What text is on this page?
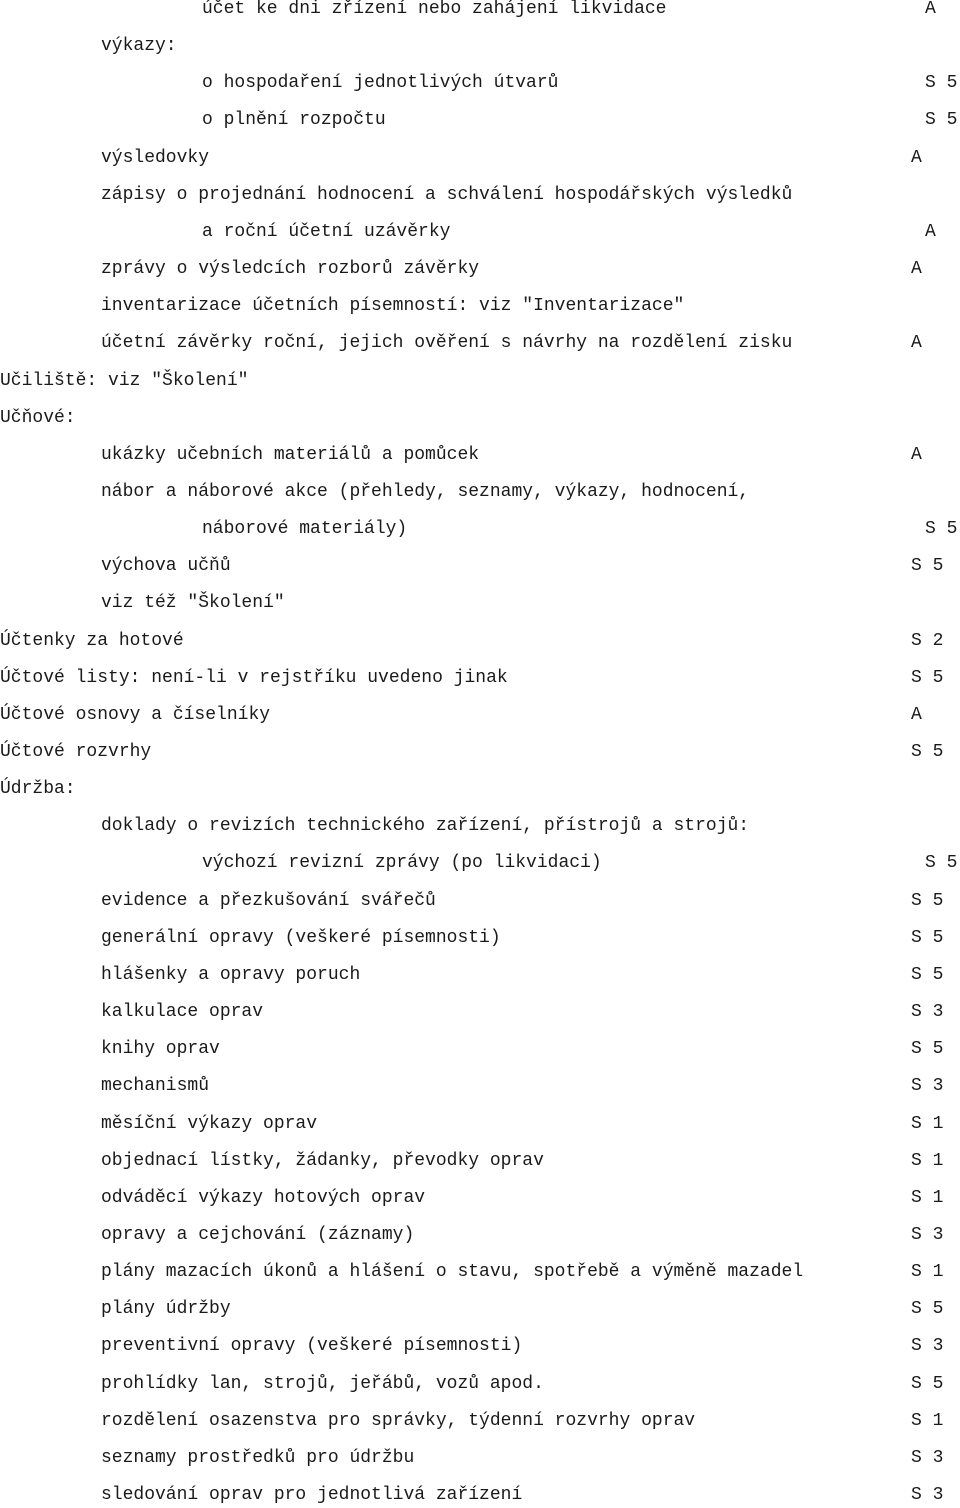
účet ke dni zřízení nebo zahájení likvidace	A
výkazy:
o hospodaření jednotlivých útvarů	S 5
o plnění rozpočtu	S 5
výsledovky	A
zápisy o projednání hodnocení a schválení hospodářských výsledků
a roční účetní uzávěrky	A
zprávy o výsledcích rozborů závěrky	A
inventarizace účetních písemností: viz "Inventarizace"
účetní závěrky roční, jejich ověření s návrhy na rozdělení zisku	A
Učiliště: viz "Školení"
Učňové:
ukázky učebních materiálů a pomůcek	A
nábor a náborové akce (přehledy, seznamy, výkazy, hodnocení,
náborové materiály)	S 5
výchova učňů	S 5
viz též "Školení"
Účtenky za hotové	S 2
Účtové listy: není-li v rejstříku uvedeno jinak	S 5
Účtové osnovy a číselníky	A
Účtové rozvrhy	S 5
Údržba:
doklady o revizích technického zařízení, přístrojů a strojů:
výchozí revizní zprávy (po likvidaci)	S 5
evidence a přezkušování svářečů	S 5
generální opravy (veškeré písemnosti)	S 5
hlášenky a opravy poruch	S 5
kalkulace oprav	S 3
knihy oprav	S 5
mechanismů	S 3
měsíční výkazy oprav	S 1
objednací lístky, žádanky, převodky oprav	S 1
odváděcí výkazy hotových oprav	S 1
opravy a cejchování (záznamy)	S 3
plány mazacích úkonů a hlášení o stavu, spotřebě a výměně mazadel	S 1
plány údržby	S 5
preventivní opravy (veškeré písemnosti)	S 3
prohlídky lan, strojů, jeřábů, vozů apod.	S 5
rozdělení osazenstva pro správky, týdenní rozvrhy oprav	S 1
seznamy prostředků pro údržbu	S 3
sledování oprav pro jednotlivá zařízení	S 3
